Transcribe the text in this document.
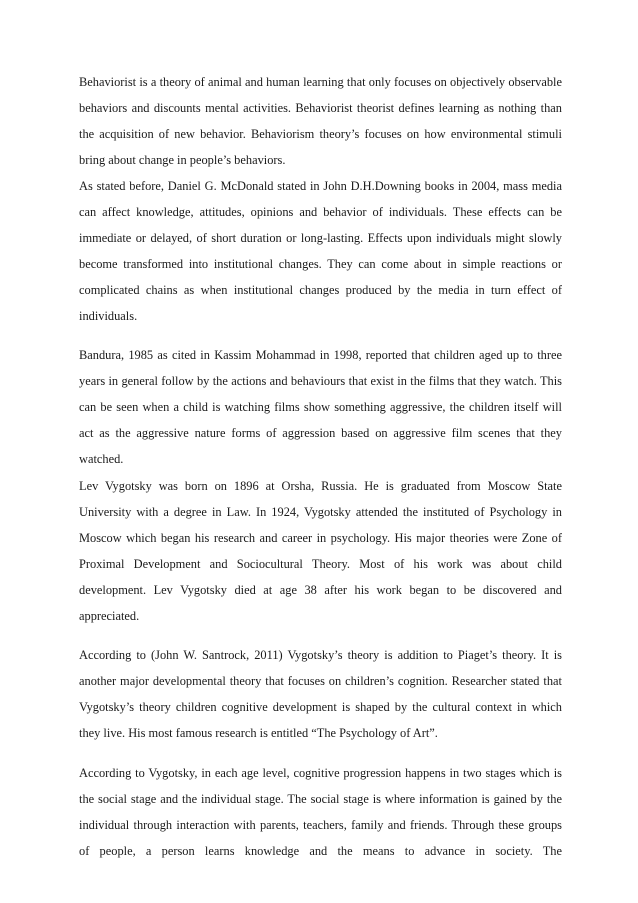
Behaviorist is a theory of animal and human learning that only focuses on objectively observable behaviors and discounts mental activities. Behaviorist theorist defines learning as nothing than the acquisition of new behavior. Behaviorism theory’s focuses on how environmental stimuli bring about change in people’s behaviors.

As stated before, Daniel G. McDonald stated in John D.H.Downing books in 2004, mass media can affect knowledge, attitudes, opinions and behavior of individuals. These effects can be immediate or delayed, of short duration or long-lasting. Effects upon individuals might slowly become transformed into institutional changes. They can come about in simple reactions or complicated chains as when institutional changes produced by the media in turn effect of individuals.

Bandura, 1985 as cited in Kassim Mohammad in 1998, reported that children aged up to three years in general follow by the actions and behaviours that exist in the films that they watch. This can be seen when a child is watching films show something aggressive, the children itself will act as the aggressive nature forms of aggression based on aggressive film scenes that they watched.

Lev Vygotsky was born on 1896 at Orsha, Russia. He is graduated from Moscow State University with a degree in Law. In 1924, Vygotsky attended the instituted of Psychology in Moscow which began his research and career in psychology. His major theories were Zone of Proximal Development and Sociocultural Theory. Most of his work was about child development. Lev Vygotsky died at age 38 after his work began to be discovered and appreciated.

According to (John W. Santrock, 2011) Vygotsky’s theory is addition to Piaget’s theory. It is another major developmental theory that focuses on children’s cognition. Researcher stated that Vygotsky’s theory children cognitive development is shaped by the cultural context in which they live. His most famous research is entitled “The Psychology of Art”.

According to Vygotsky, in each age level, cognitive progression happens in two stages which is the social stage and the individual stage. The social stage is where information is gained by the individual through interaction with parents, teachers, family and friends. Through these groups of people, a person learns knowledge and the means to advance in society. The
